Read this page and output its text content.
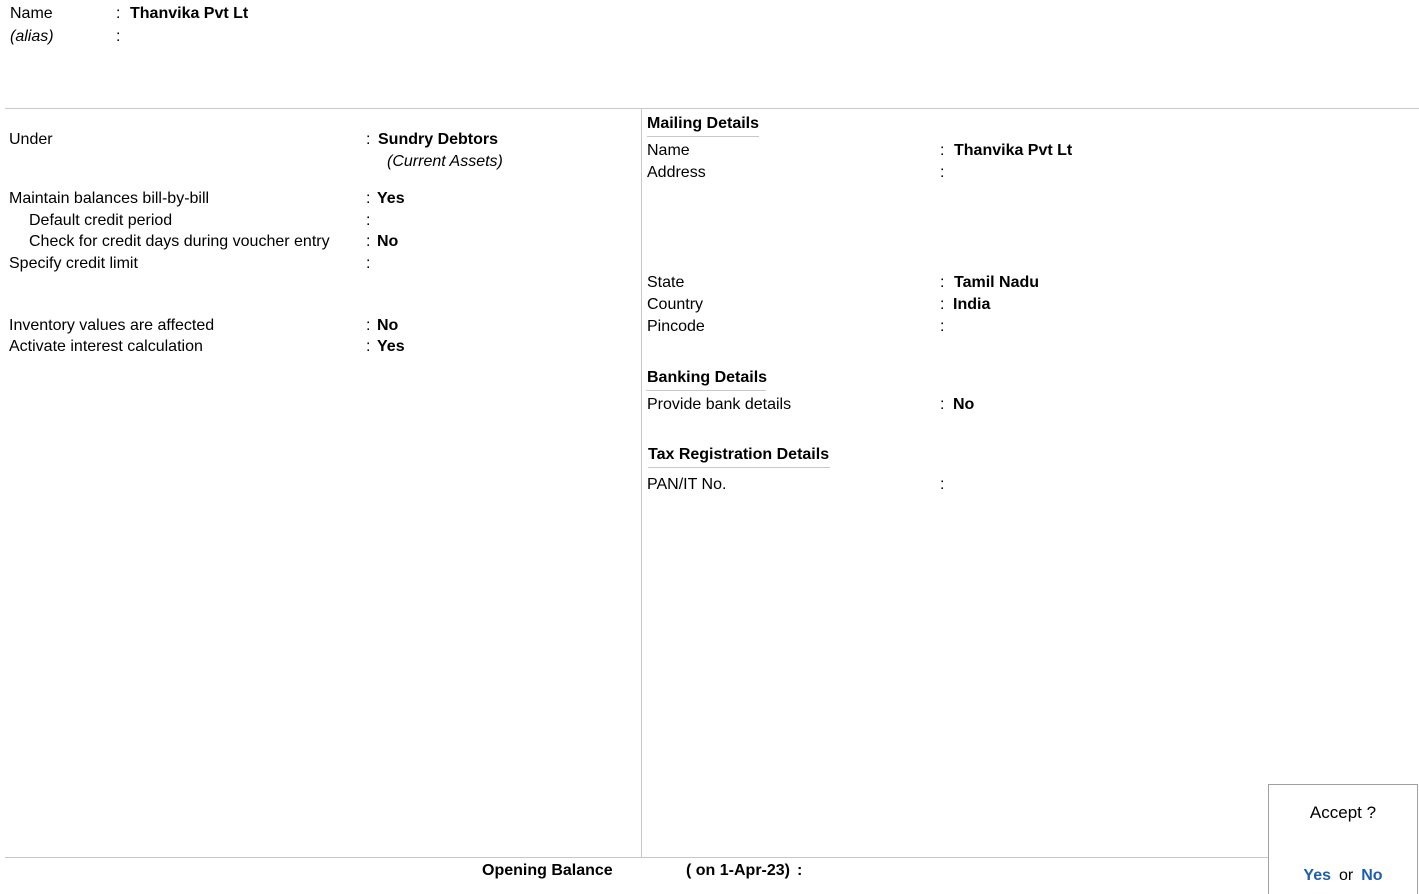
Name	: Thanvika Pvt Lt
(alias)	:
Under	: Sundry Debtors
(Current Assets)
Maintain balances bill-by-bill	: Yes
Default credit period	:
Check for credit days during voucher entry : No
Specify credit limit	:
Inventory values are affected	: No
Activate interest calculation	: Yes
Mailing Details
Name	: Thanvika Pvt Lt
Address	:
State	: Tamil Nadu
Country	: India
Pincode	:
Banking Details
Provide bank details	: No
Tax Registration Details
PAN/IT No.	:
Opening Balance	( on 1-Apr-23) :
Accept ?
Yes or No
